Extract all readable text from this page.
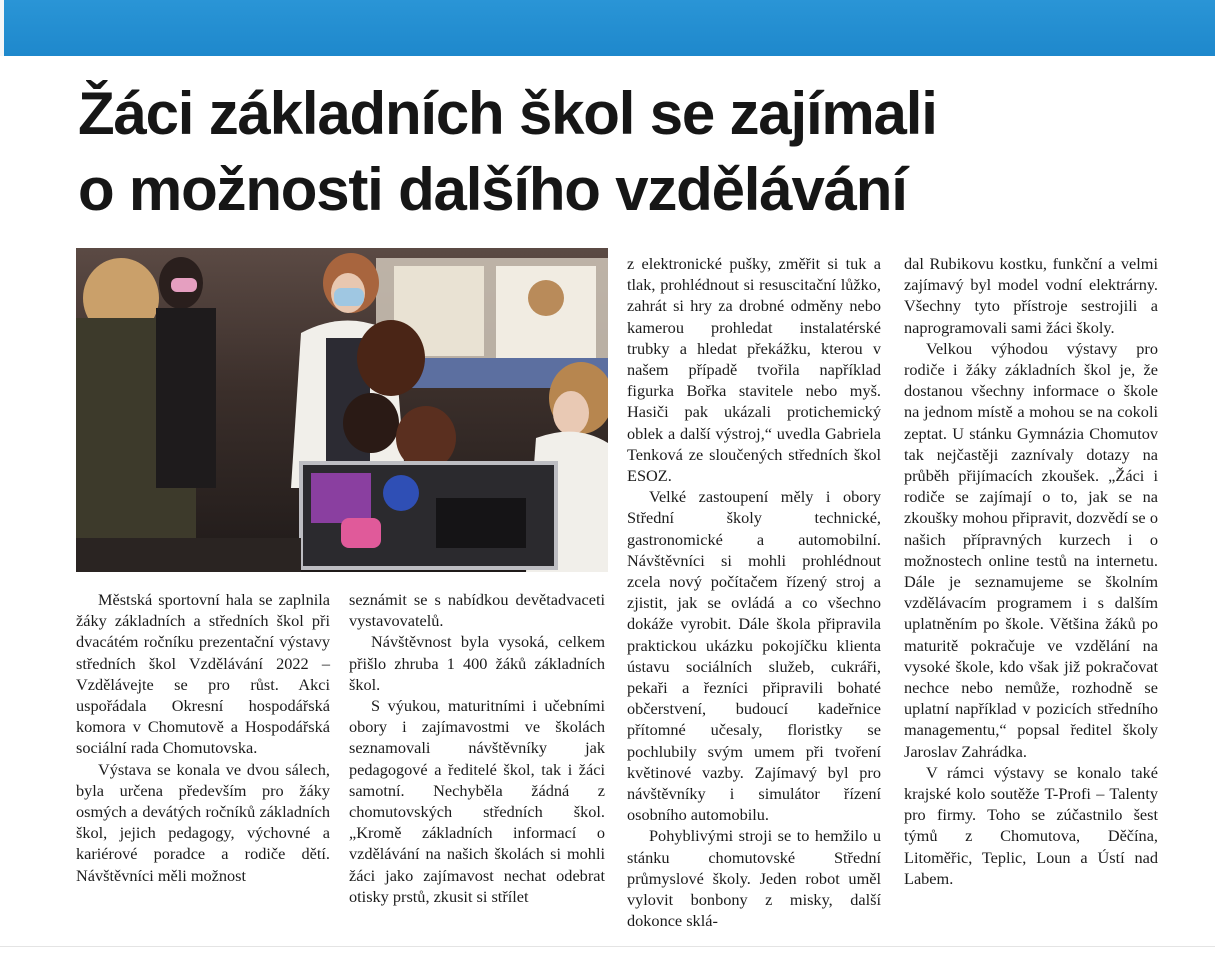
Žáci základních škol se zajímali
o možnosti dalšího vzdělávání

Městská sportovní hala se zaplnila žáky základních a středních škol při dvacátém ročníku prezentační výstavy středních škol Vzdělávání 2022 – Vzdělávejte se pro růst. Akci uspořádala Okresní hospodářská komora v Chomutově a Hospodářská sociální rada Chomutovska.

Výstava se konala ve dvou sálech, byla určena především pro žáky osmých a devátých ročníků základních škol, jejich pedagogy, výchovné a kariérové poradce a rodiče dětí. Návštěvníci měli možnost

seznámit se s nabídkou devětadvaceti vystavovatelů.

Návštěvnost byla vysoká, celkem přišlo zhruba 1 400 žáků základních škol.

S výukou, maturitními i učebními obory i zajímavostmi ve školách seznamovali návštěvníky jak pedagogové a ředitelé škol, tak i žáci samotní. Nechyběla žádná z chomutovských středních škol. „Kromě základních informací o vzdělávání na našich školách si mohli žáci jako zajímavost nechat odebrat otisky prstů, zkusit si střílet

z elektronické pušky, změřit si tuk a tlak, prohlédnout si resuscitační lůžko, zahrát si hry za drobné odměny nebo kamerou prohledat instalatérské trubky a hledat překážku, kterou v našem případě tvořila například figurka Bořka stavitele nebo myš. Hasiči pak ukázali protichemický oblek a další výstroj,“ uvedla Gabriela Tenková ze sloučených středních škol ESOZ.

Velké zastoupení měly i obory Střední školy technické, gastronomické a automobilní. Návštěvníci si mohli prohlédnout zcela nový počítačem řízený stroj a zjistit, jak se ovládá a co všechno dokáže vyrobit. Dále škola připravila praktickou ukázku pokojíčku klienta ústavu sociálních služeb, cukráři, pekaři a řezníci připravili bohaté občerstvení, budoucí kadeřnice přítomné učesaly, floristky se pochlubily svým umem při tvoření květinové vazby. Zajímavý byl pro návštěvníky i simulátor řízení osobního automobilu.

Pohyblivými stroji se to hemžilo u stánku chomutovské Střední průmyslové školy. Jeden robot uměl vylovit bonbony z misky, další dokonce sklá-

dal Rubikovu kostku, funkční a velmi zajímavý byl model vodní elektrárny. Všechny tyto přístroje sestrojili a naprogramovali sami žáci školy.

Velkou výhodou výstavy pro rodiče i žáky základních škol je, že dostanou všechny informace o škole na jednom místě a mohou se na cokoli zeptat. U stánku Gymnázia Chomutov tak nejčastěji zaznívaly dotazy na průběh přijímacích zkoušek. „Žáci i rodiče se zajímají o to, jak se na zkoušky mohou připravit, dozvědí se o našich přípravných kurzech i o možnostech online testů na internetu. Dále je seznamujeme se školním vzdělávacím programem i s dalším uplatněním po škole. Většina žáků po maturitě pokračuje ve vzdělání na vysoké škole, kdo však již pokračovat nechce nebo nemůže, rozhodně se uplatní například v pozicích středního managementu,“ popsal ředitel školy Jaroslav Zahrádka.

V rámci výstavy se konalo také krajské kolo soutěže T-Profi – Talenty pro firmy. Toho se zúčastnilo šest týmů z Chomutova, Děčína, Litoměřic, Teplic, Loun a Ústí nad Labem.
